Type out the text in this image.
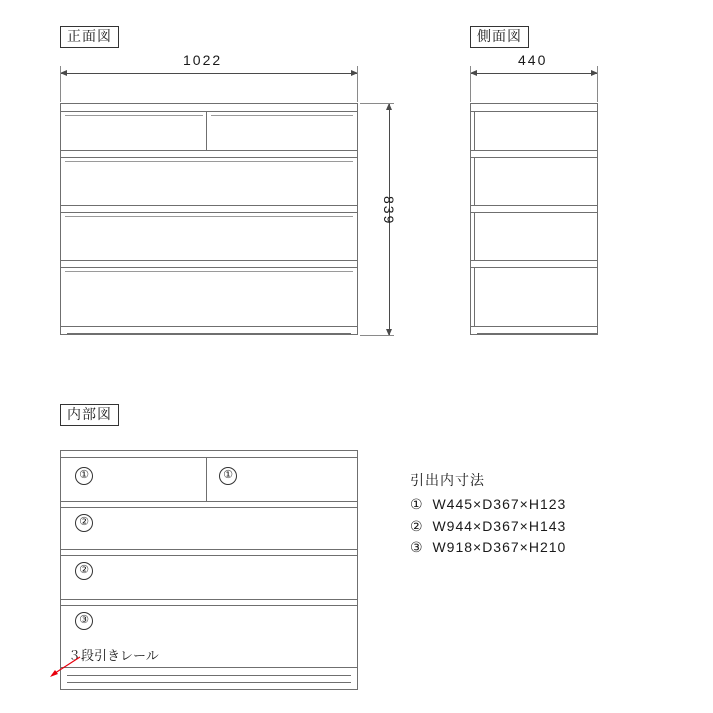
正面図
1022
839
側面図
440
内部図
①	①
②
②
③
３段引きレール
引出内寸法
① W445×D367×H123
② W944×D367×H143
③ W918×D367×H210
